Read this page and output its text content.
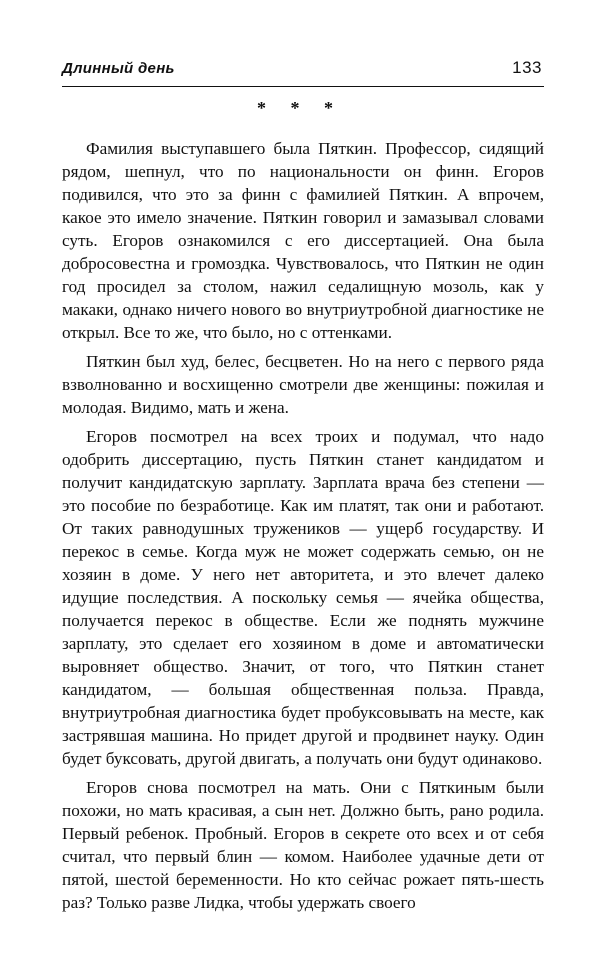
Длинный день	133
* * *

Фамилия выступавшего была Пяткин. Профессор, сидящий рядом, шепнул, что по национальности он финн. Егоров подивился, что это за финн с фамилией Пяткин. А впрочем, какое это имело значение. Пяткин говорил и замазывал словами суть. Егоров ознакомился с его диссертацией. Она была добросовестна и громоздка. Чувствовалось, что Пяткин не один год просидел за столом, нажил седалищную мозоль, как у макаки, однако ничего нового во внутриутробной диагностике не открыл. Все то же, что было, но с оттенками.

Пяткин был худ, белес, бесцветен. Но на него с первого ряда взволнованно и восхищенно смотрели две женщины: пожилая и молодая. Видимо, мать и жена.

Егоров посмотрел на всех троих и подумал, что надо одобрить диссертацию, пусть Пяткин станет кандидатом и получит кандидатскую зарплату. Зарплата врача без степени — это пособие по безработице. Как им платят, так они и работают. От таких равнодушных тружеников — ущерб государству. И перекос в семье. Когда муж не может содержать семью, он не хозяин в доме. У него нет авторитета, и это влечет далеко идущие последствия. А поскольку семья — ячейка общества, получается перекос в обществе. Если же поднять мужчине зарплату, это сделает его хозяином в доме и автоматически выровняет общество. Значит, от того, что Пяткин станет кандидатом, — большая общественная польза. Правда, внутриутробная диагностика будет пробуксовывать на месте, как застрявшая машина. Но придет другой и продвинет науку. Один будет буксовать, другой двигать, а получать они будут одинаково.

Егоров снова посмотрел на мать. Они с Пяткиным были похожи, но мать красивая, а сын нет. Должно быть, рано родила. Первый ребенок. Пробный. Егоров в секрете ото всех и от себя считал, что первый блин — комом. Наиболее удачные дети от пятой, шестой беременности. Но кто сейчас рожает пять-шесть раз? Только разве Лидка, чтобы удержать своего
